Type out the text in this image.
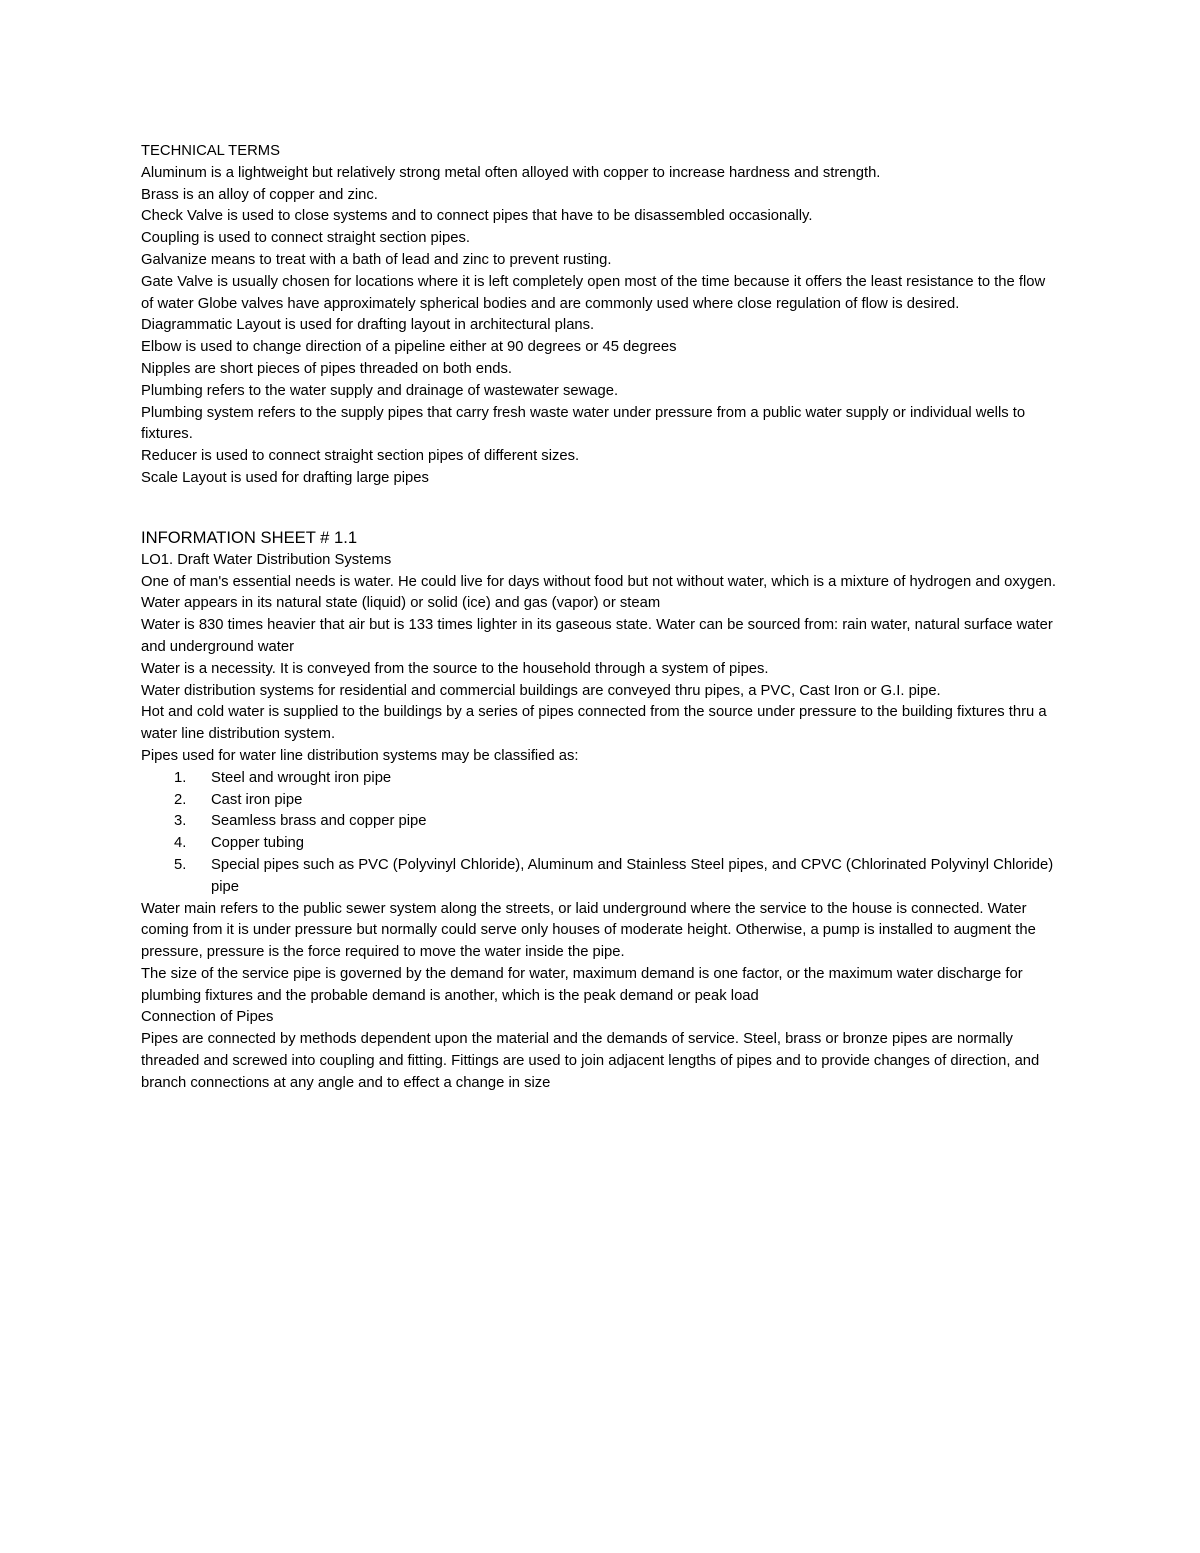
TECHNICAL TERMS

Aluminum is a lightweight but relatively strong metal often alloyed with copper to increase hardness and strength.

Brass is an alloy of copper and zinc.

Check Valve is used to close systems and to connect pipes that have to be disassembled occasionally.

Coupling is used to connect straight section pipes.

Galvanize means to treat with a bath of lead and zinc to prevent rusting.

Gate Valve is usually chosen for locations where it is left completely open most of the time because it offers the least resistance to the flow of water Globe valves have approximately spherical bodies and are commonly used where close regulation of flow is desired.

Diagrammatic Layout is used for drafting layout in architectural plans.

Elbow is used to change direction of a pipeline either at 90 degrees or 45 degrees

Nipples are short pieces of pipes threaded on both ends.

Plumbing refers to the water supply and drainage of wastewater sewage.

Plumbing system refers to the supply pipes that carry fresh waste water under pressure from a public water supply or individual wells to fixtures.

Reducer is used to connect straight section pipes of different sizes.

Scale Layout is used for drafting large pipes

INFORMATION SHEET # 1.1

LO1. Draft Water Distribution Systems

One of man's essential needs is water. He could live for days without food but not without water, which is a mixture of hydrogen and oxygen.

Water appears in its natural state (liquid) or solid (ice) and gas (vapor) or steam

Water is 830 times heavier that air but is 133 times lighter in its gaseous state. Water can be sourced from: rain water, natural surface water and underground water

Water is a necessity. It is conveyed from the source to the household through a system of pipes.

Water distribution systems for residential and commercial buildings are conveyed thru pipes, a PVC, Cast Iron or G.I. pipe.

Hot and cold water is supplied to the buildings by a series of pipes connected from the source under pressure to the building fixtures thru a water line distribution system.

Pipes used for water line distribution systems may be classified as:

1. Steel and wrought iron pipe
2. Cast iron pipe
3. Seamless brass and copper pipe
4. Copper tubing
5. Special pipes such as PVC (Polyvinyl Chloride), Aluminum and Stainless Steel pipes, and CPVC (Chlorinated Polyvinyl Chloride) pipe

Water main refers to the public sewer system along the streets, or laid underground where the service to the house is connected. Water coming from it is under pressure but normally could serve only houses of moderate height. Otherwise, a pump is installed to augment the pressure, pressure is the force required to move the water inside the pipe.

The size of the service pipe is governed by the demand for water, maximum demand is one factor, or the maximum water discharge for plumbing fixtures and the probable demand is another, which is the peak demand or peak load

Connection of Pipes

Pipes are connected by methods dependent upon the material and the demands of service. Steel, brass or bronze pipes are normally threaded and screwed into coupling and fitting. Fittings are used to join adjacent lengths of pipes and to provide changes of direction, and branch connections at any angle and to effect a change in size
